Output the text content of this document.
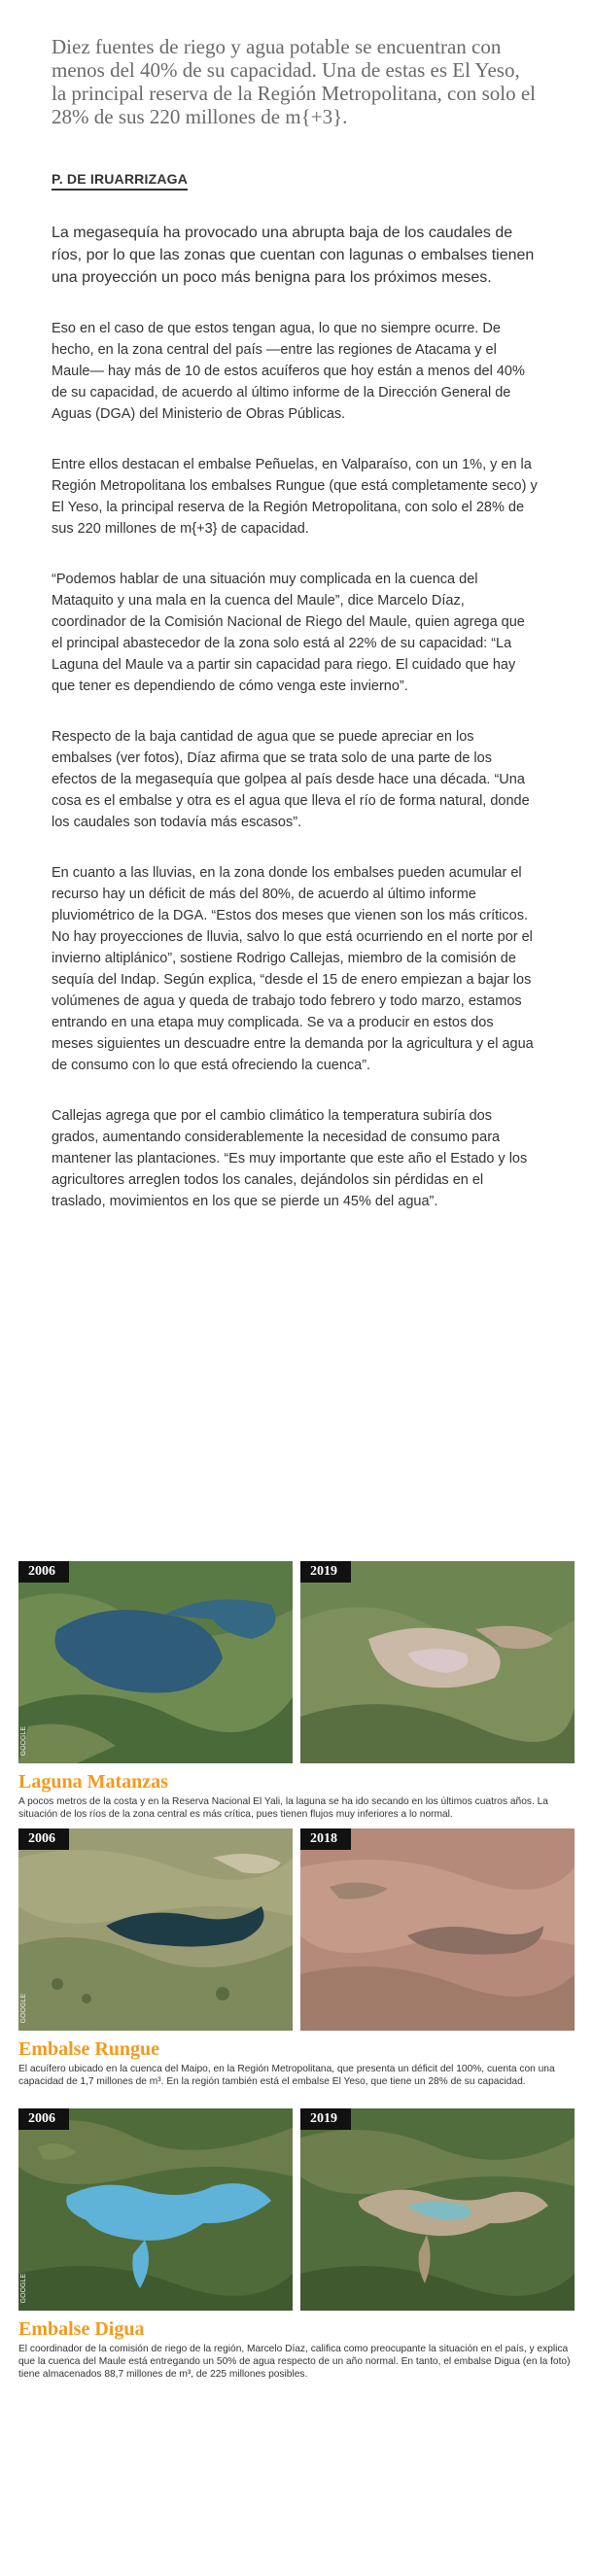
Diez fuentes de riego y agua potable se encuentran con menos del 40% de su capacidad. Una de estas es El Yeso, la principal reserva de la Región Metropolitana, con solo el 28% de sus 220 millones de m{+3}.

P. DE IRUARRIZAGA

La megasequía ha provocado una abrupta baja de los caudales de ríos, por lo que las zonas que cuentan con lagunas o embalses tienen una proyección un poco más benigna para los próximos meses.

Eso en el caso de que estos tengan agua, lo que no siempre ocurre. De hecho, en la zona central del país —entre las regiones de Atacama y el Maule— hay más de 10 de estos acuíferos que hoy están a menos del 40% de su capacidad, de acuerdo al último informe de la Dirección General de Aguas (DGA) del Ministerio de Obras Públicas.

Entre ellos destacan el embalse Peñuelas, en Valparaíso, con un 1%, y en la Región Metropolitana los embalses Rungue (que está completamente seco) y El Yeso, la principal reserva de la Región Metropolitana, con solo el 28% de sus 220 millones de m{+3} de capacidad.

“Podemos hablar de una situación muy complicada en la cuenca del Mataquito y una mala en la cuenca del Maule”, dice Marcelo Díaz, coordinador de la Comisión Nacional de Riego del Maule, quien agrega que el principal abastecedor de la zona solo está al 22% de su capacidad: “La Laguna del Maule va a partir sin capacidad para riego. El cuidado que hay que tener es dependiendo de cómo venga este invierno”.

Respecto de la baja cantidad de agua que se puede apreciar en los embalses (ver fotos), Díaz afirma que se trata solo de una parte de los efectos de la megasequía que golpea al país desde hace una década. “Una cosa es el embalse y otra es el agua que lleva el río de forma natural, donde los caudales son todavía más escasos”.

En cuanto a las lluvias, en la zona donde los embalses pueden acumular el recurso hay un déficit de más del 80%, de acuerdo al último informe pluviométrico de la DGA. “Estos dos meses que vienen son los más críticos. No hay proyecciones de lluvia, salvo lo que está ocurriendo en el norte por el invierno altiplánico”, sostiene Rodrigo Callejas, miembro de la comisión de sequía del Indap. Según explica, “desde el 15 de enero empiezan a bajar los volúmenes de agua y queda de trabajo todo febrero y todo marzo, estamos entrando en una etapa muy complicada. Se va a producir en estos dos meses siguientes un descuadre entre la demanda por la agricultura y el agua de consumo con lo que está ofreciendo la cuenca”.

Callejas agrega que por el cambio climático la temperatura subiría dos grados, aumentando considerablemente la necesidad de consumo para mantener las plantaciones. “Es muy importante que este año el Estado y los agricultores arreglen todos los canales, dejándolos sin pérdidas en el traslado, movimientos en los que se pierde un 45% del agua”.

2006
GOOGLE
2019
Laguna Matanzas

A pocos metros de la costa y en la Reserva Nacional El Yali, la laguna se ha ido secando en los últimos cuatros años. La situación de los ríos de la zona central es más crítica, pues tienen flujos muy inferiores a lo normal.

2006
GOOGLE
2018
Embalse Rungue

El acuífero ubicado en la cuenca del Maipo, en la Región Metropolitana, que presenta un déficit del 100%, cuenta con una capacidad de 1,7 millones de m³. En la región también está el embalse El Yeso, que tiene un 28% de su capacidad.

2006
GOOGLE
2019
Embalse Digua

El coordinador de la comisión de riego de la región, Marcelo Díaz, califica como preocupante la situación en el país, y explica que la cuenca del Maule está entregando un 50% de agua respecto de un año normal. En tanto, el embalse Digua (en la foto) tiene almacenados 88,7 millones de m³, de 225 millones posibles.
